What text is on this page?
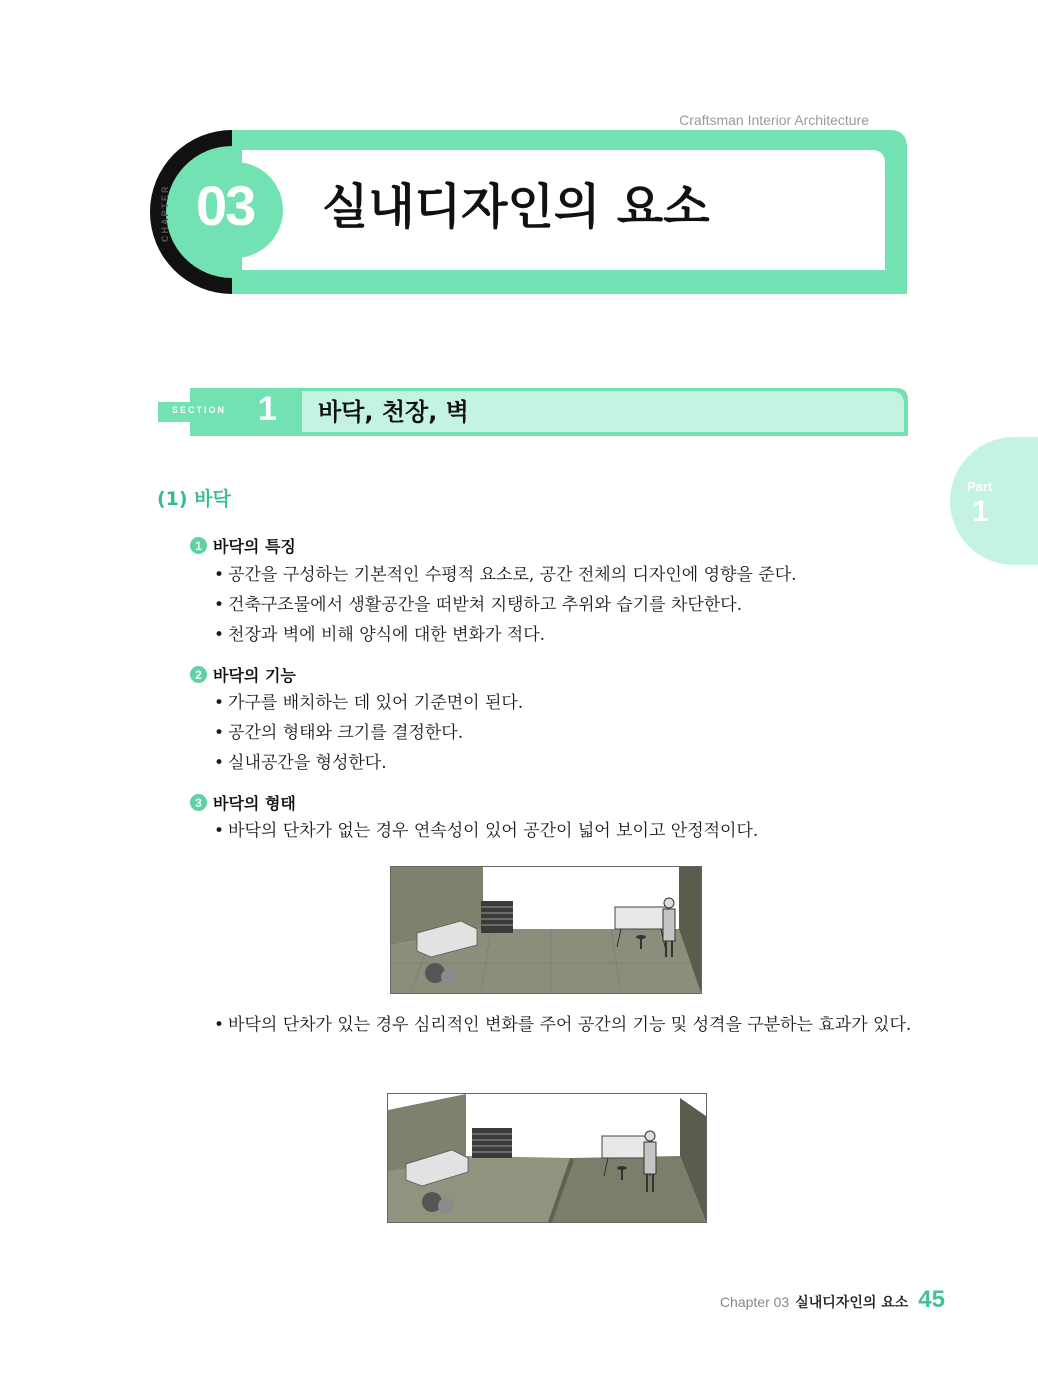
Craftsman Interior Architecture
CHAPTER 03 실내디자인의 요소
SECTION 1 바닥, 천장, 벽
Part
1
(1) 바닥
1 바닥의 특징
• 공간을 구성하는 기본적인 수평적 요소로, 공간 전체의 디자인에 영향을 준다.
• 건축구조물에서 생활공간을 떠받쳐 지탱하고 추위와 습기를 차단한다.
• 천장과 벽에 비해 양식에 대한 변화가 적다.
2 바닥의 기능
• 가구를 배치하는 데 있어 기준면이 된다.
• 공간의 형태와 크기를 결정한다.
• 실내공간을 형성한다.
3 바닥의 형태
• 바닥의 단차가 없는 경우 연속성이 있어 공간이 넓어 보이고 안정적이다.
• 바닥의 단차가 있는 경우 심리적인 변화를 주어 공간의 기능 및 성격을 구분하는 효과가 있다.
Chapter 03 실내디자인의 요소 45
